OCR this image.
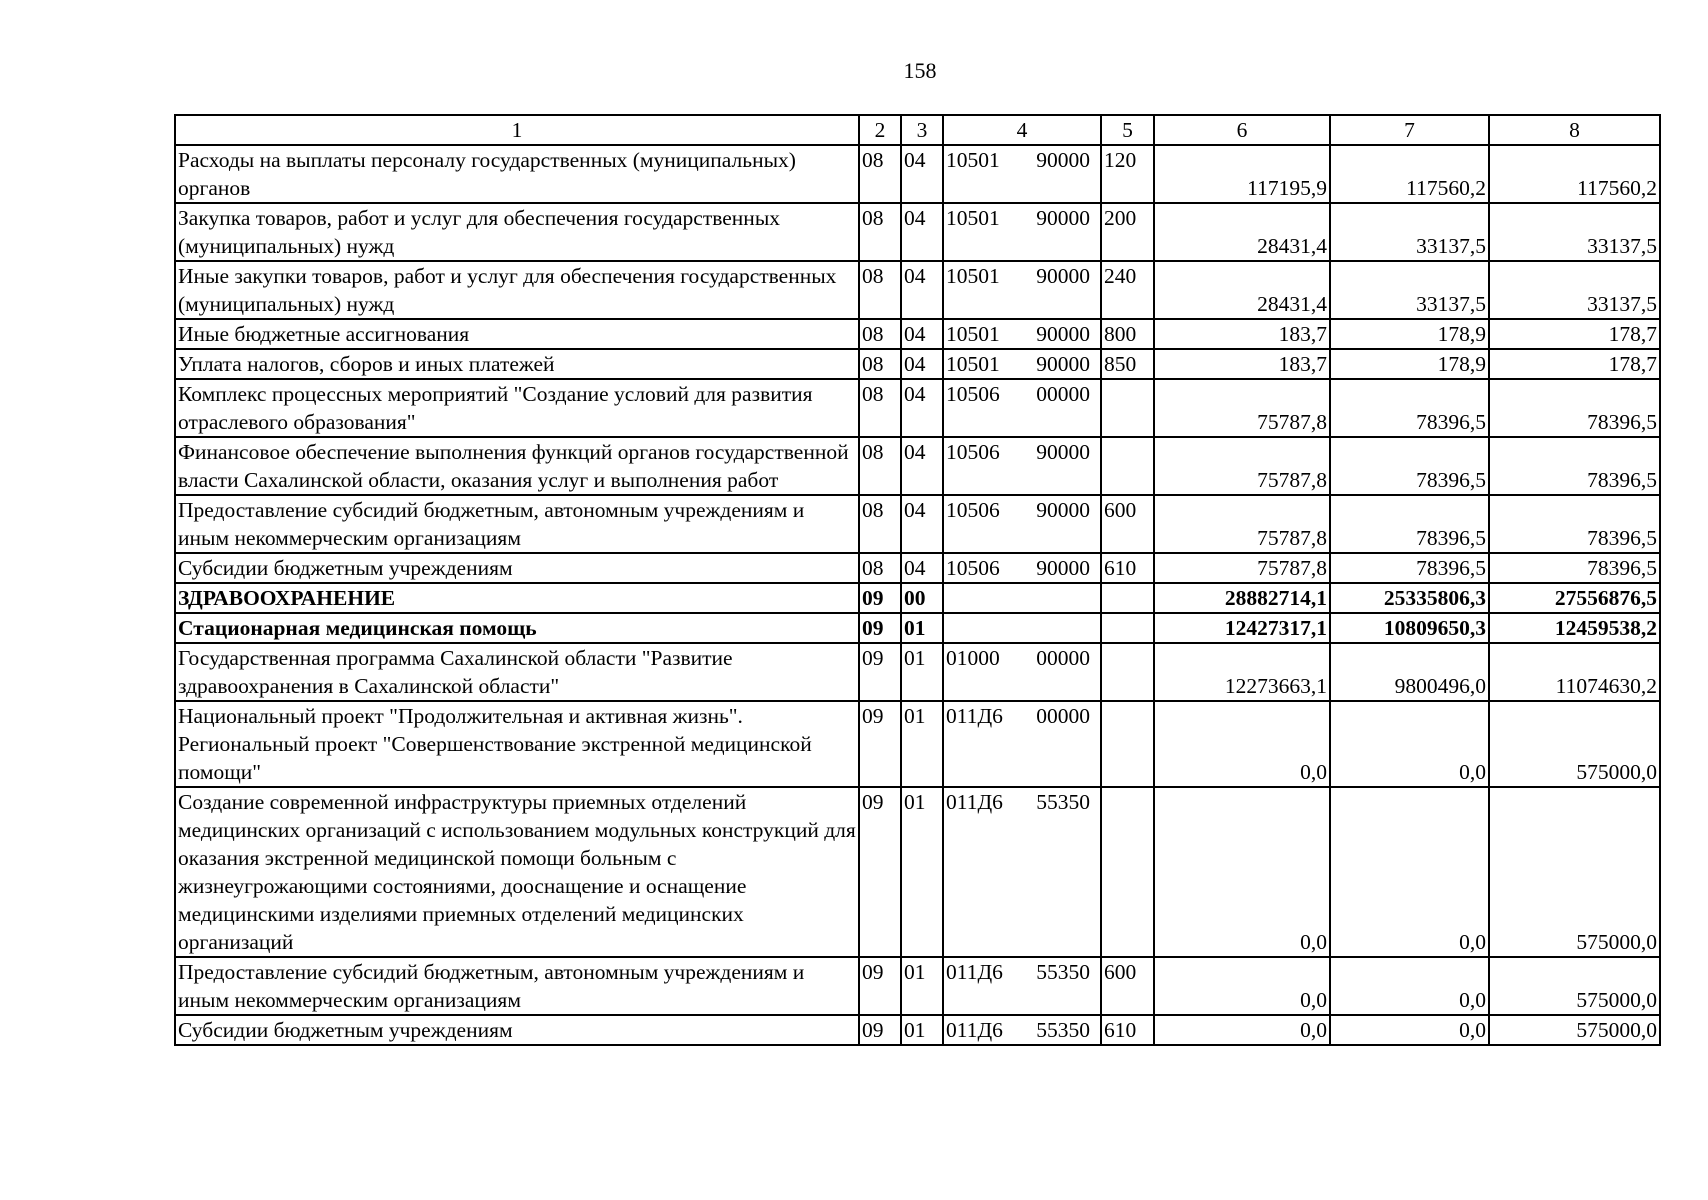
158
1	2	3	4	5	6	7	8
Расходы на выплаты персоналу государственных (муниципальных) органов	08	04	10501 90000	120	117195,9	117560,2	117560,2
Закупка товаров, работ и услуг для обеспечения государственных (муниципальных) нужд	08	04	10501 90000	200	28431,4	33137,5	33137,5
Иные закупки товаров, работ и услуг для обеспечения государственных (муниципальных) нужд	08	04	10501 90000	240	28431,4	33137,5	33137,5
Иные бюджетные ассигнования	08	04	10501 90000	800	183,7	178,9	178,7
Уплата налогов, сборов и иных платежей	08	04	10501 90000	850	183,7	178,9	178,7
Комплекс процессных мероприятий "Создание условий для развития отраслевого образования"	08	04	10506 00000		75787,8	78396,5	78396,5
Финансовое обеспечение выполнения функций органов государственной власти Сахалинской области, оказания услуг и выполнения работ	08	04	10506 90000		75787,8	78396,5	78396,5
Предоставление субсидий бюджетным, автономным учреждениям и иным некоммерческим организациям	08	04	10506 90000	600	75787,8	78396,5	78396,5
Субсидии бюджетным учреждениям	08	04	10506 90000	610	75787,8	78396,5	78396,5
ЗДРАВООХРАНЕНИЕ	09	00			28882714,1	25335806,3	27556876,5
Стационарная медицинская помощь	09	01			12427317,1	10809650,3	12459538,2
Государственная программа Сахалинской области "Развитие здравоохранения в Сахалинской области"	09	01	01000 00000		12273663,1	9800496,0	11074630,2
Национальный проект "Продолжительная и активная жизнь". Региональный проект "Совершенствование экстренной медицинской помощи"	09	01	011Д6 00000		0,0	0,0	575000,0
Создание современной инфраструктуры приемных отделений медицинских организаций с использованием модульных конструкций для оказания экстренной медицинской помощи больным с жизнеугрожающими состояниями, дооснащение и оснащение медицинскими изделиями приемных отделений медицинских организаций	09	01	011Д6 55350		0,0	0,0	575000,0
Предоставление субсидий бюджетным, автономным учреждениям и иным некоммерческим организациям	09	01	011Д6 55350	600	0,0	0,0	575000,0
Субсидии бюджетным учреждениям	09	01	011Д6 55350	610	0,0	0,0	575000,0
